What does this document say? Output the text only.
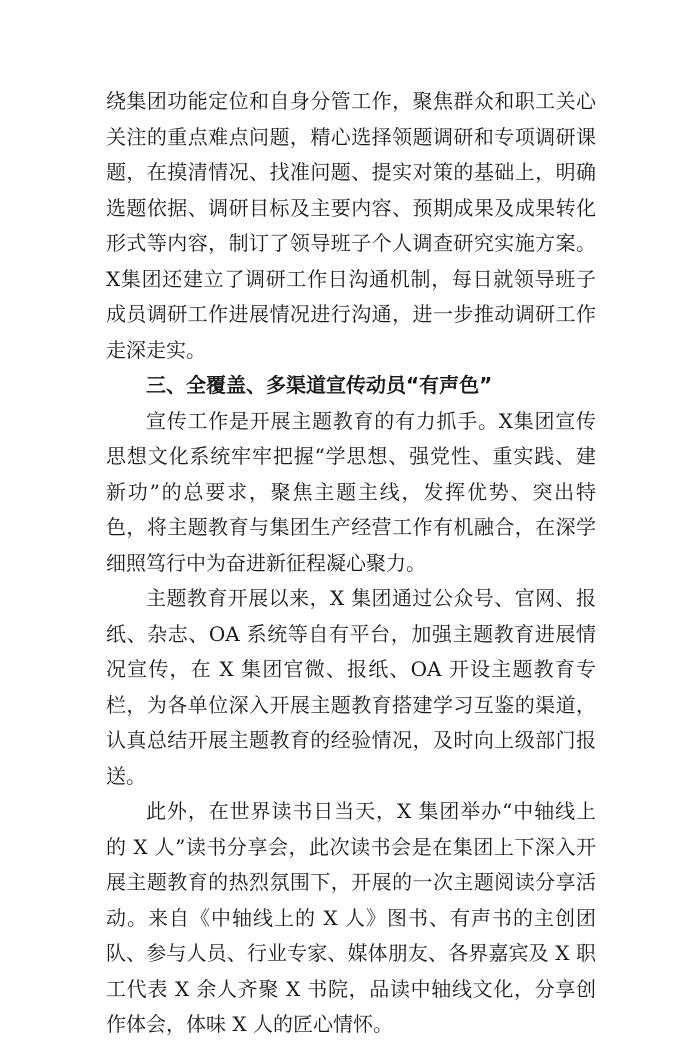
绕集团功能定位和自身分管工作，聚焦群众和职工关心关注的重点难点问题，精心选择领题调研和专项调研课题，在摸清情况、找准问题、提实对策的基础上，明确选题依据、调研目标及主要内容、预期成果及成果转化形式等内容，制订了领导班子个人调查研究实施方案。X集团还建立了调研工作日沟通机制，每日就领导班子成员调研工作进展情况进行沟通，进一步推动调研工作走深走实。

三、全覆盖、多渠道宣传动员“有声色”

宣传工作是开展主题教育的有力抓手。X集团宣传思想文化系统牢牢把握“学思想、强党性、重实践、建新功”的总要求，聚焦主题主线，发挥优势、突出特色，将主题教育与集团生产经营工作有机融合，在深学细照笃行中为奋进新征程凝心聚力。

主题教育开展以来，X 集团通过公众号、官网、报纸、杂志、OA 系统等自有平台，加强主题教育进展情况宣传，在 X 集团官微、报纸、OA 开设主题教育专栏，为各单位深入开展主题教育搭建学习互鉴的渠道，认真总结开展主题教育的经验情况，及时向上级部门报送。

此外，在世界读书日当天，X 集团举办“中轴线上的 X 人”读书分享会，此次读书会是在集团上下深入开展主题教育的热烈氛围下，开展的一次主题阅读分享活动。来自《中轴线上的 X 人》图书、有声书的主创团队、参与人员、行业专家、媒体朋友、各界嘉宾及 X 职工代表 X 余人齐聚 X 书院，品读中轴线文化，分享创作体会，体味 X 人的匠心情怀。
